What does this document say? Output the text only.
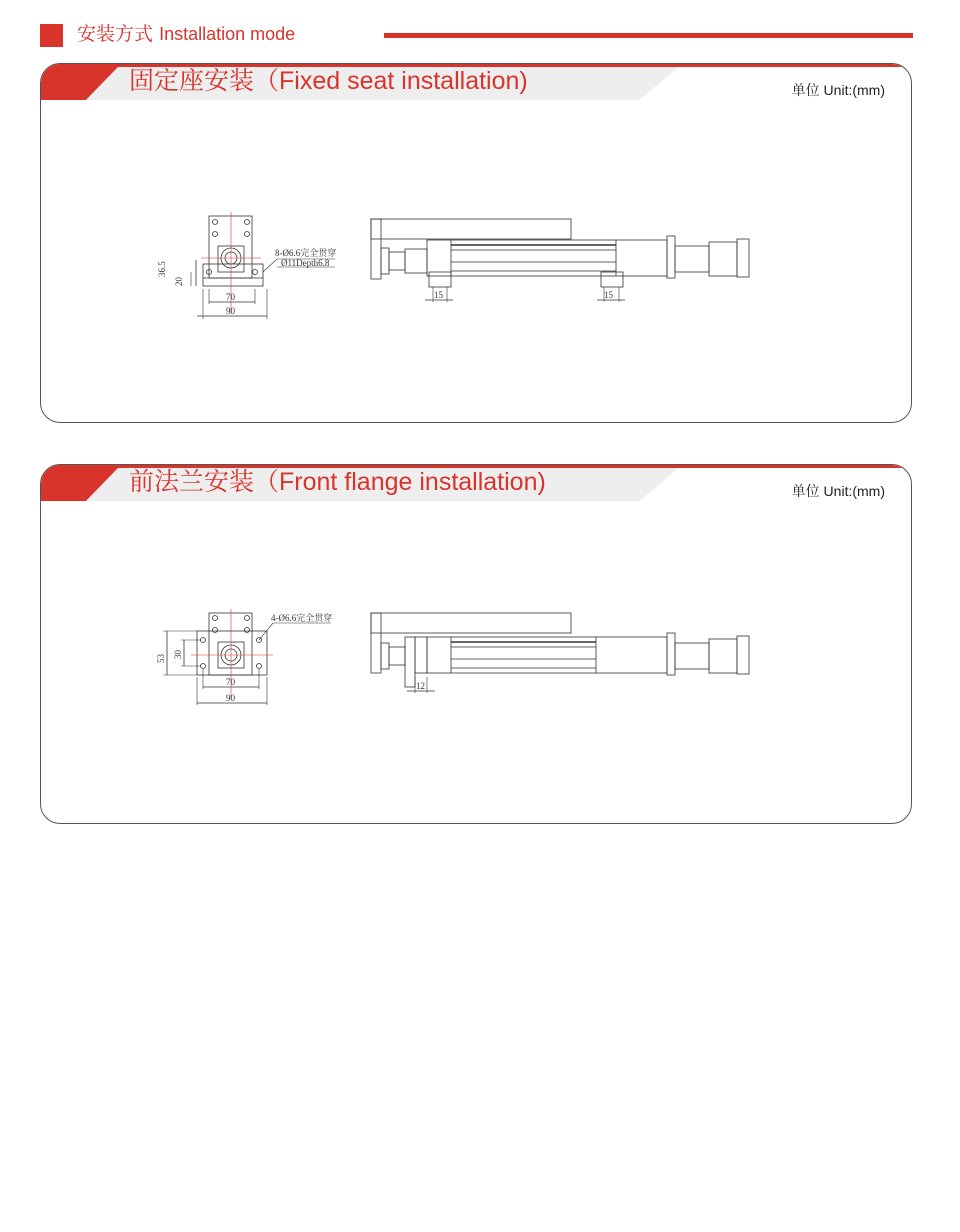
安装方式 Installation mode
固定座安装（Fixed seat installation)	单位 Unit:(mm)
8-Ø6.6完全贯穿
Ø11Depth6.8
36.5
20
70
90
15	15
前法兰安装（Front flange installation)	单位 Unit:(mm)
4-Ø6.6完全贯穿
53 30
70
90
12
